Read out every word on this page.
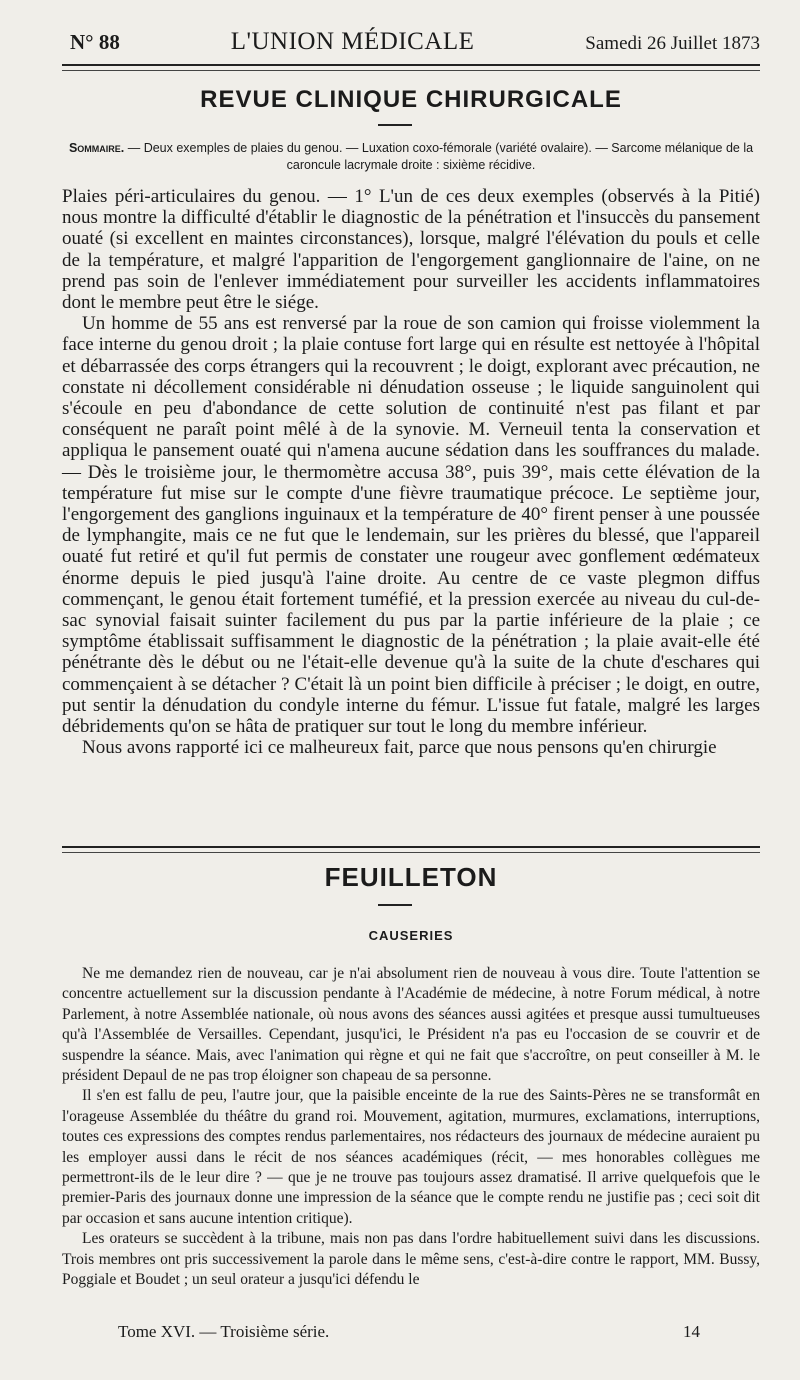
N° 88	L'UNION MÉDICALE	Samedi 26 Juillet 1873
REVUE CLINIQUE CHIRURGICALE
Sommaire. — Deux exemples de plaies du genou. — Luxation coxo-fémorale (variété ovalaire). — Sarcome mélanique de la caroncule lacrymale droite : sixième récidive.

Plaies péri-articulaires du genou. — 1° L'un de ces deux exemples (observés à la Pitié) nous montre la difficulté d'établir le diagnostic de la pénétration et l'insuccès du pansement ouaté (si excellent en maintes circonstances), lorsque, malgré l'élévation du pouls et celle de la température, et malgré l'apparition de l'engorgement ganglionnaire de l'aine, on ne prend pas soin de l'enlever immédiatement pour surveiller les accidents inflammatoires dont le membre peut être le siége.

Un homme de 55 ans est renversé par la roue de son camion qui froisse violemment la face interne du genou droit ; la plaie contuse fort large qui en résulte est nettoyée à l'hôpital et débarrassée des corps étrangers qui la recouvrent ; le doigt, explorant avec précaution, ne constate ni décollement considérable ni dénudation osseuse ; le liquide sanguinolent qui s'écoule en peu d'abondance de cette solution de continuité n'est pas filant et par conséquent ne paraît point mêlé à de la synovie. M. Verneuil tenta la conservation et appliqua le pansement ouaté qui n'amena aucune sédation dans les souffrances du malade. — Dès le troisième jour, le thermomètre accusa 38°, puis 39°, mais cette élévation de la température fut mise sur le compte d'une fièvre traumatique précoce. Le septième jour, l'engorgement des ganglions inguinaux et la température de 40° firent penser à une poussée de lymphangite, mais ce ne fut que le lendemain, sur les prières du blessé, que l'appareil ouaté fut retiré et qu'il fut permis de constater une rougeur avec gonflement œdémateux énorme depuis le pied jusqu'à l'aine droite. Au centre de ce vaste plegmon diffus commençant, le genou était fortement tuméfié, et la pression exercée au niveau du cul-de-sac synovial faisait suinter facilement du pus par la partie inférieure de la plaie ; ce symptôme établissait suffisamment le diagnostic de la pénétration ; la plaie avait-elle été pénétrante dès le début ou ne l'était-elle devenue qu'à la suite de la chute d'eschares qui commençaient à se détacher ? C'était là un point bien difficile à préciser ; le doigt, en outre, put sentir la dénudation du condyle interne du fémur. L'issue fut fatale, malgré les larges débridements qu'on se hâta de pratiquer sur tout le long du membre inférieur.

Nous avons rapporté ici ce malheureux fait, parce que nous pensons qu'en chirurgie

FEUILLETON
CAUSERIES

Ne me demandez rien de nouveau, car je n'ai absolument rien de nouveau à vous dire. Toute l'attention se concentre actuellement sur la discussion pendante à l'Académie de médecine, à notre Forum médical, à notre Parlement, à notre Assemblée nationale, où nous avons des séances aussi agitées et presque aussi tumultueuses qu'à l'Assemblée de Versailles. Cependant, jusqu'ici, le Président n'a pas eu l'occasion de se couvrir et de suspendre la séance. Mais, avec l'animation qui règne et qui ne fait que s'accroître, on peut conseiller à M. le président Depaul de ne pas trop éloigner son chapeau de sa personne.

Il s'en est fallu de peu, l'autre jour, que la paisible enceinte de la rue des Saints-Pères ne se transformât en l'orageuse Assemblée du théâtre du grand roi. Mouvement, agitation, murmures, exclamations, interruptions, toutes ces expressions des comptes rendus parlementaires, nos rédacteurs des journaux de médecine auraient pu les employer aussi dans le récit de nos séances académiques (récit, — mes honorables collègues me permettront-ils de le leur dire ? — que je ne trouve pas toujours assez dramatisé. Il arrive quelquefois que le premier-Paris des journaux donne une impression de la séance que le compte rendu ne justifie pas ; ceci soit dit par occasion et sans aucune intention critique).

Les orateurs se succèdent à la tribune, mais non pas dans l'ordre habituellement suivi dans les discussions. Trois membres ont pris successivement la parole dans le même sens, c'est-à-dire contre le rapport, MM. Bussy, Poggiale et Boudet ; un seul orateur a jusqu'ici défendu le

Tome XVI. — Troisième série.	14
